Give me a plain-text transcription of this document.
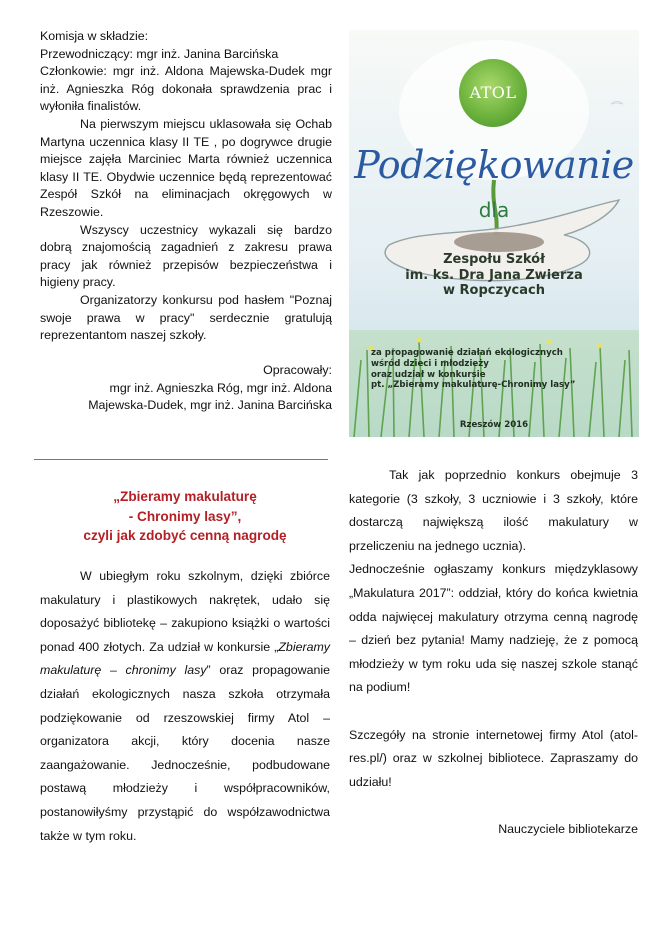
Komisja w składzie:

Przewodniczący: mgr inż. Janina Barcińska

Członkowie: mgr inż. Aldona Majewska-Dudek mgr inż. Agnieszka Róg dokonała sprawdzenia prac i wyłoniła finalistów.

Na pierwszym miejscu uklasowała się Ochab Martyna uczennica klasy II TE , po dogrywce drugie miejsce zajęła Marciniec Marta również uczennica klasy II TE. Obydwie uczennice będą reprezentować Zespół Szkół na eliminacjach okręgowych w Rzeszowie.

Wszyscy uczestnicy wykazali się bardzo dobrą znajomością zagadnień z zakresu prawa pracy jak również przepisów bezpieczeństwa i higieny pracy.

Organizatorzy konkursu pod hasłem "Poznaj swoje prawa w pracy" serdecznie gratulują reprezentantom naszej szkoły.

Opracowały:

mgr inż. Agnieszka Róg, mgr inż. Aldona

Majewska-Dudek, mgr inż. Janina Barcińska

ATOL
Podziękowanie
dla
Zespołu Szkół
im. ks. Dra Jana Zwierza
w Ropczycach
za propagowanie działań ekologicznych
wśród dzieci i młodzieży
oraz udział w konkursie
pt. „Zbieramy makulaturę-Chronimy lasy”
Rzeszów 2016
„Zbieramy makulaturę
- Chronimy lasy”,
czyli jak zdobyć cenną nagrodę

W ubiegłym roku szkolnym, dzięki zbiórce makulatury i plastikowych nakrętek, udało się doposażyć bibliotekę – zakupiono książki o wartości ponad 400 złotych. Za udział w konkursie „Zbieramy makulaturę – chronimy lasy” oraz propagowanie działań ekologicznych nasza szkoła otrzymała podziękowanie od rzeszowskiej firmy Atol – organizatora akcji, który docenia nasze zaangażowanie. Jednocześnie, podbudowane postawą młodzieży i współpracowników, postanowiłyśmy przystąpić do współzawodnictwa także w tym roku.

Tak jak poprzednio konkurs obejmuje 3 kategorie (3 szkoły, 3 uczniowie i 3 szkoły, które dostarczą największą ilość makulatury w przeliczeniu na jednego ucznia).

Jednocześnie ogłaszamy konkurs międzyklasowy „Makulatura 2017”: oddział, który do końca kwietnia odda najwięcej makulatury otrzyma cenną nagrodę – dzień bez pytania! Mamy nadzieję, że z pomocą młodzieży w tym roku uda się naszej szkole stanąć na podium!

Szczegóły na stronie internetowej firmy Atol (atol-res.pl/) oraz w szkolnej bibliotece. Zapraszamy do udziału!

Nauczyciele bibliotekarze
